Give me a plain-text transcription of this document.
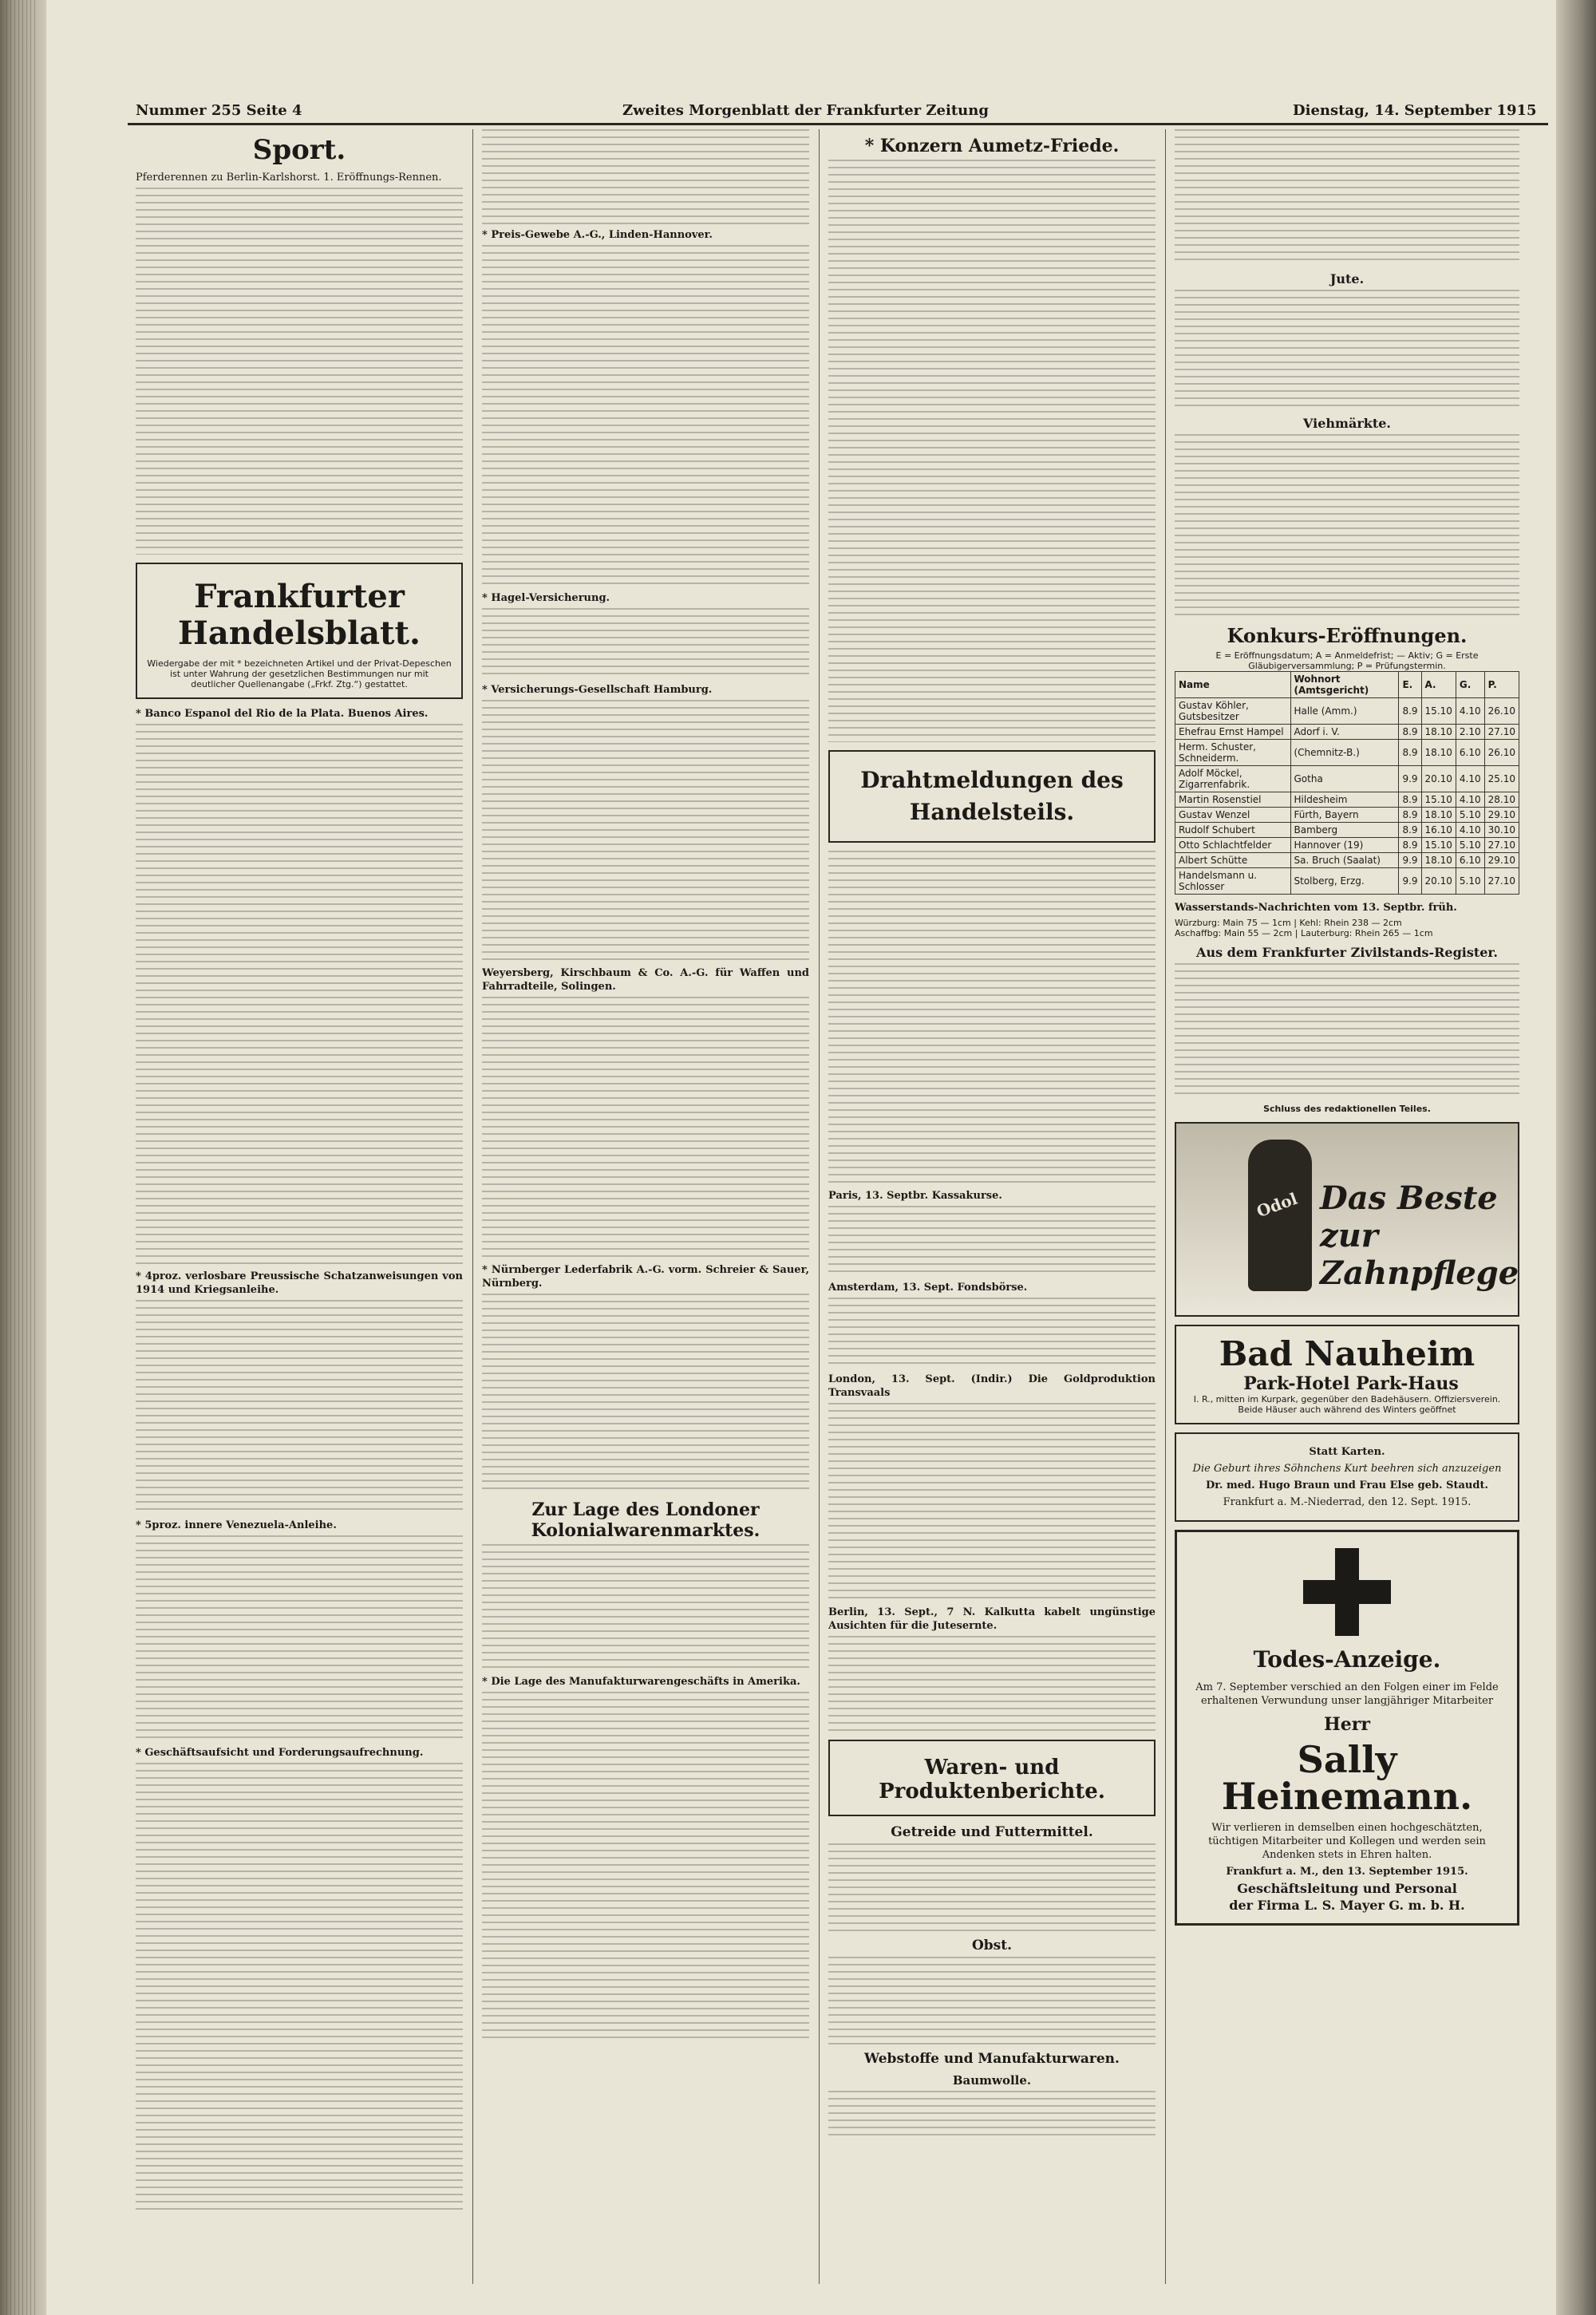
Nummer 255 Seite 4	Zweites Morgenblatt der Frankfurter Zeitung	Dienstag, 14. September 1915
Sport.
Pferderennen zu Berlin-Karlshorst. 1. Eröffnungs-Rennen.
Frankfurter Handelsblatt.
Wiedergabe der mit * bezeichneten Artikel und der Privat-Depeschen ist unter Wahrung der gesetzlichen Bestimmungen nur mit deutlicher Quellenangabe („Frkf. Ztg.“) gestattet.
* Banco Espanol del Rio de la Plata. Buenos Aires.
* 4proz. verlosbare Preussische Schatzanweisungen von 1914 und Kriegsanleihe.
* 5proz. innere Venezuela-Anleihe.
* Geschäftsaufsicht und Forderungsaufrechnung.
* Preis-Gewebe A.-G., Linden-Hannover.
* Hagel-Versicherung.
* Versicherungs-Gesellschaft Hamburg.
Weyersberg, Kirschbaum & Co. A.-G. für Waffen und Fahrradteile, Solingen.
* Nürnberger Lederfabrik A.-G. vorm. Schreier & Sauer, Nürnberg.
Zur Lage des Londoner Kolonialwarenmarktes.
* Die Lage des Manufakturwarengeschäfts in Amerika.
* Konzern Aumetz-Friede.
Drahtmeldungen des Handelsteils.
Paris, 13. Septbr. Kassakurse.
Amsterdam, 13. Sept. Fondsbörse.
London, 13. Sept. (Indir.) Die Goldproduktion Transvaals
Berlin, 13. Sept., 7 N. Kalkutta kabelt ungünstige Ausichten für die Jutesernte.
Waren- und Produktenberichte.
Getreide und Futtermittel.
Obst.
Webstoffe und Manufakturwaren.
Baumwolle.
Jute.
Viehmärkte.
Konkurs-Eröffnungen.
E = Eröffnungsdatum; A = Anmeldefrist; — Aktiv; G = Erste Gläubigerversammlung; P = Prüfungstermin.
Name	Wohnort (Amtsgericht)	E.	A.	G.	P.
Gustav Köhler, Gutsbesitzer	Halle (Amm.)	8.9	15.10	4.10	26.10
Ehefrau Ernst Hampel	Adorf i. V.	8.9	18.10	2.10	27.10
Herm. Schuster, Schneiderm.	(Chemnitz-B.)	8.9	18.10	6.10	26.10
Adolf Möckel, Zigarrenfabrik.	Gotha	9.9	20.10	4.10	25.10
Martin Rosenstiel	Hildesheim	8.9	15.10	4.10	28.10
Gustav Wenzel	Fürth, Bayern	8.9	18.10	5.10	29.10
Rudolf Schubert	Bamberg	8.9	16.10	4.10	30.10
Otto Schlachtfelder	Hannover (19)	8.9	15.10	5.10	27.10
Albert Schütte	Sa. Bruch (Saalat)	9.9	18.10	6.10	29.10
Handelsmann u. Schlosser	Stolberg, Erzg.	9.9	20.10	5.10	27.10
Wasserstands-Nachrichten vom 13. Septbr. früh.
Würzburg: Main 75 — 1cm | Kehl: Rhein 238 — 2cm
Aschaffbg: Main 55 — 2cm | Lauterburg: Rhein 265 — 1cm
Aus dem Frankfurter Zivilstands-Register.
Schluss des redaktionellen Teiles.
Das Beste zur Zahnpflege
Odol
Bad Nauheim Park-Hotel Park-Haus
I. R., mitten im Kurpark, gegenüber den Badehäusern. Offiziersverein. Beide Häuser auch während des Winters geöffnet
Statt Karten.
Die Geburt ihres Söhnchens Kurt beehren sich anzuzeigen
Dr. med. Hugo Braun und Frau Else geb. Staudt.
Frankfurt a. M.-Niederrad, den 12. Sept. 1915.
Todes-Anzeige.
Am 7. September verschied an den Folgen einer im Felde erhaltenen Verwundung unser langjähriger Mitarbeiter
Herr
Sally Heinemann.
Wir verlieren in demselben einen hochgeschätzten, tüchtigen Mitarbeiter und Kollegen und werden sein Andenken stets in Ehren halten.
Frankfurt a. M., den 13. September 1915.
Geschäftsleitung und Personal
der Firma L. S. Mayer G. m. b. H.
